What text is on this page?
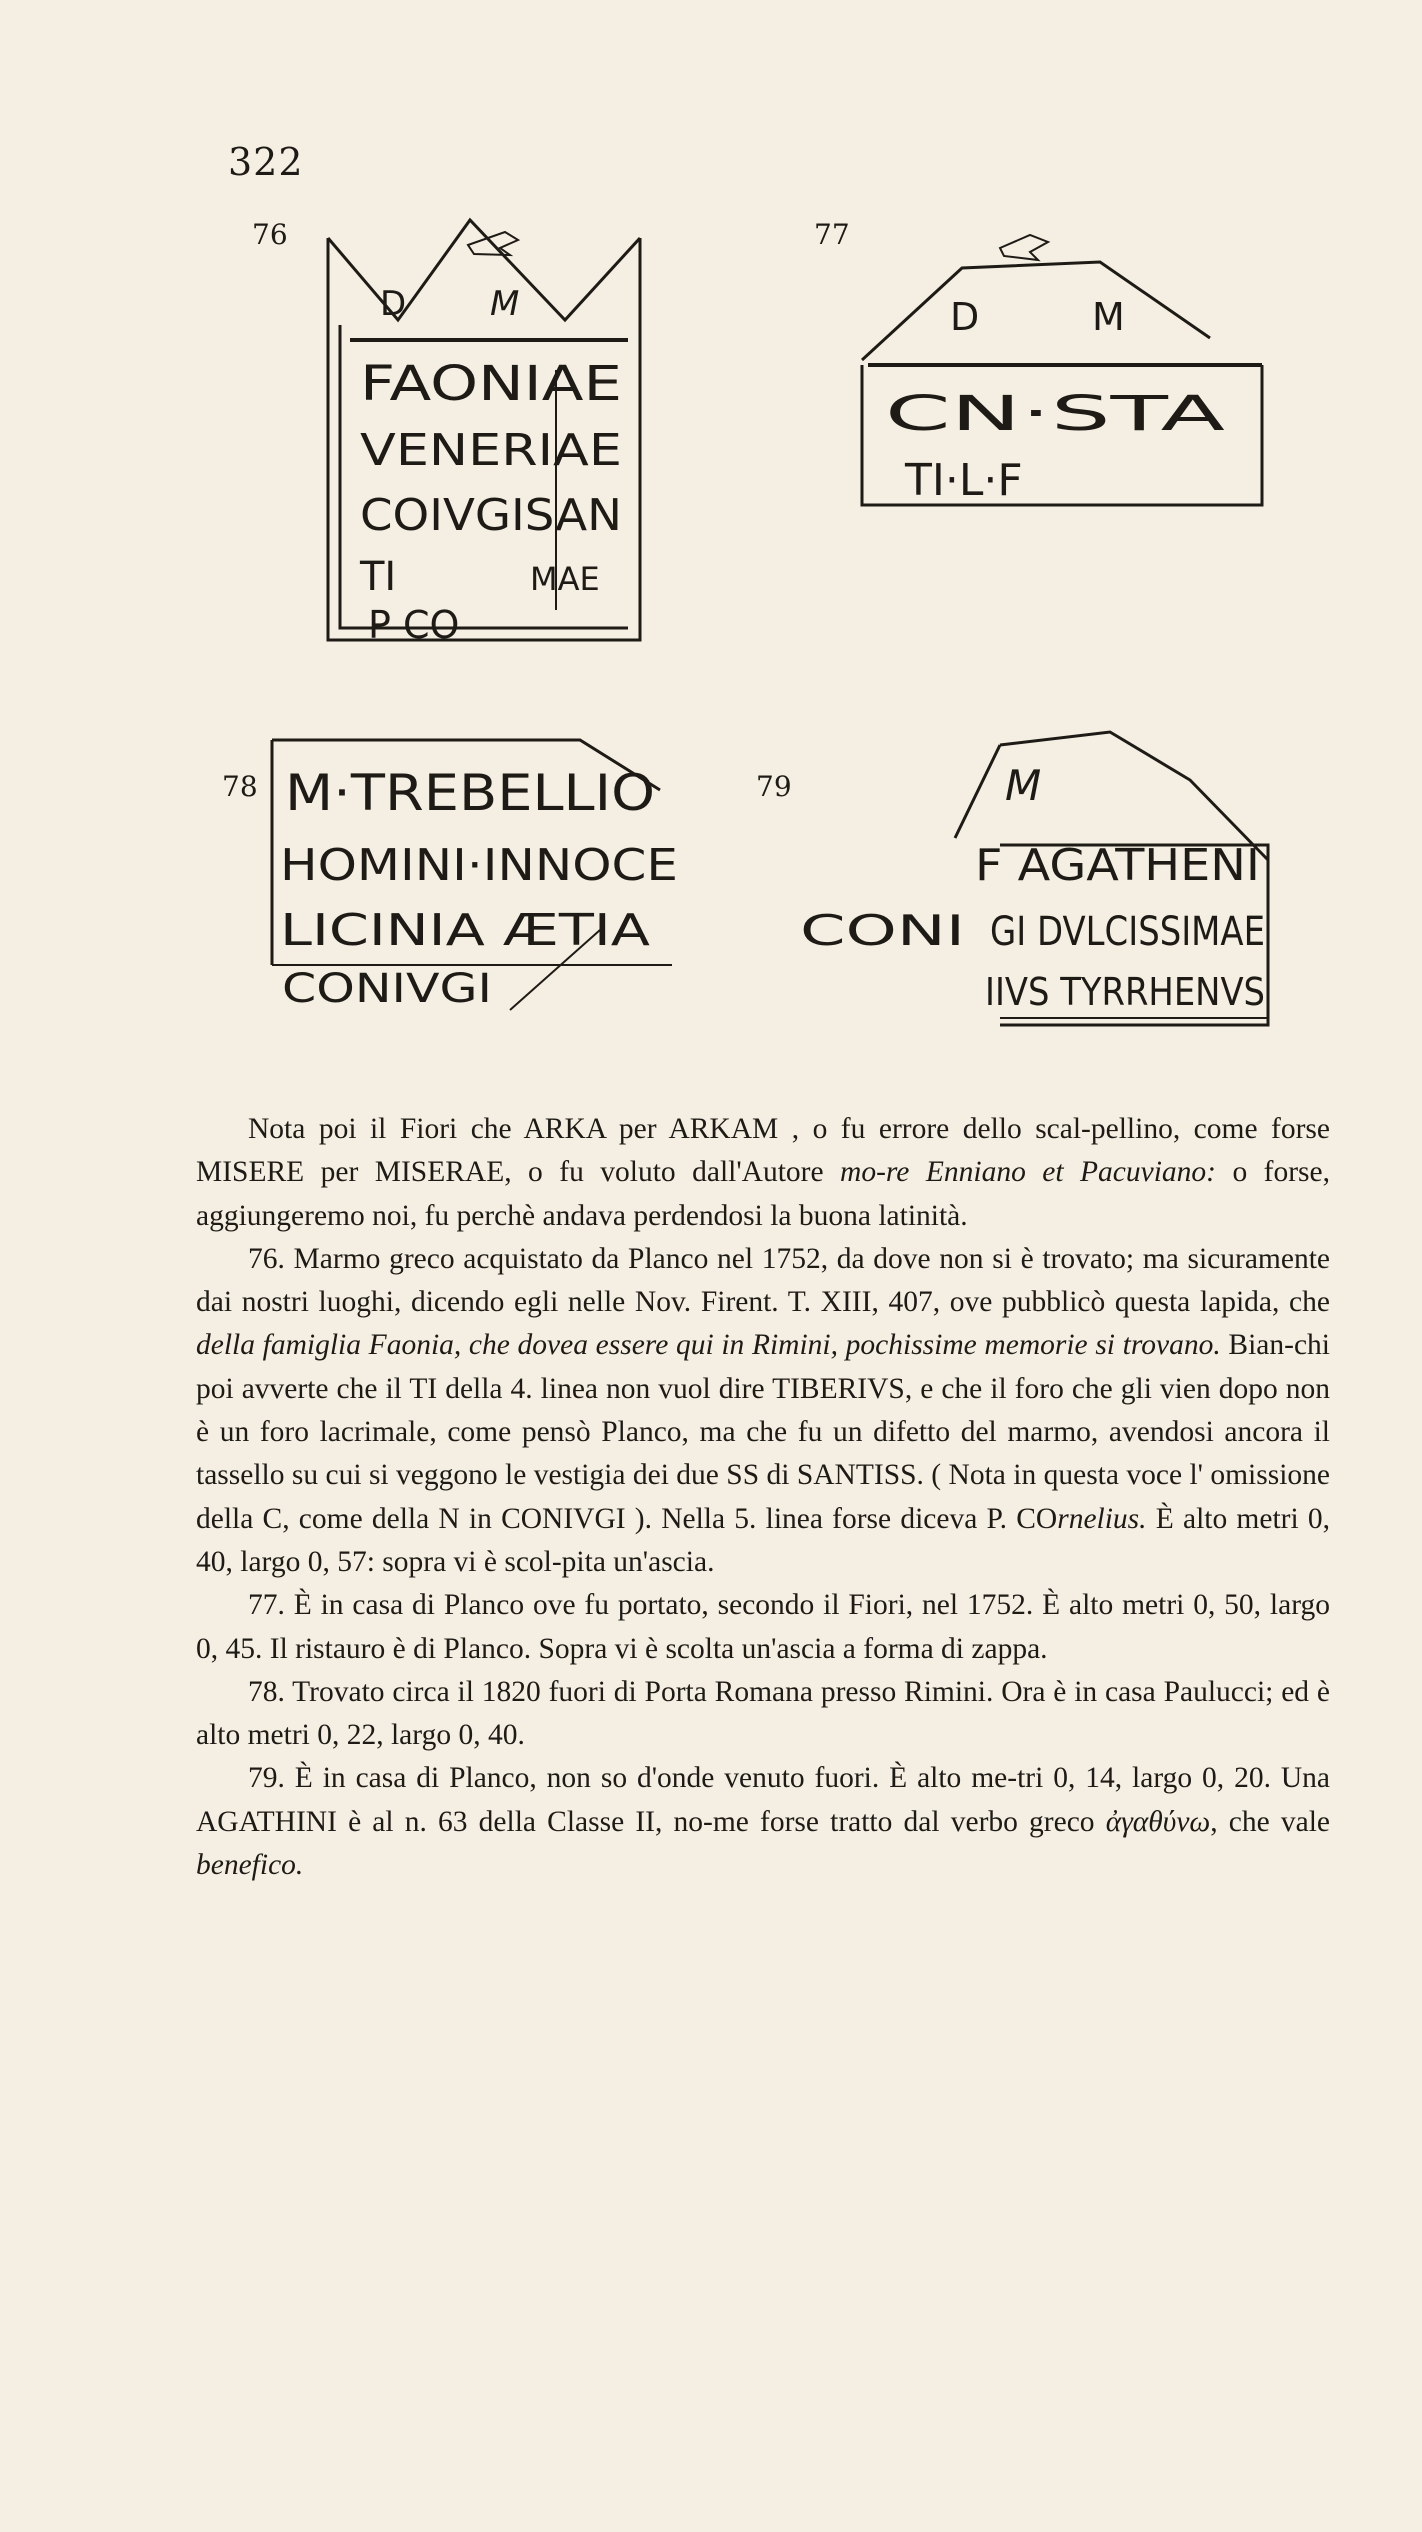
322
76
D M
FAONIAE
VENERIAE
COIVGISAN
TI	MAE
P CO
77
D	M
CN·STA
TI·L·F
78 M·TREBELLIO
HOMINI·INNOCE
LICINIA ÆTIA
CONIVGI
79	M
F AGATHENI
CONI GI DVLCISSIMAE
IIVS TYRRHENVS

Nota poi il Fiori che ARKA per ARKAM , o fu errore dello scal-pellino, come forse MISERE per MISERAE, o fu voluto dall'Autore mo-re Enniano et Pacuviano: o forse, aggiungeremo noi, fu perchè andava perdendosi la buona latinità.

76. Marmo greco acquistato da Planco nel 1752, da dove non si è trovato; ma sicuramente dai nostri luoghi, dicendo egli nelle Nov. Firent. T. XIII, 407, ove pubblicò questa lapida, che della famiglia Faonia, che dovea essere qui in Rimini, pochissime memorie si trovano. Bian-chi poi avverte che il TI della 4. linea non vuol dire TIBERIVS, e che il foro che gli vien dopo non è un foro lacrimale, come pensò Planco, ma che fu un difetto del marmo, avendosi ancora il tassello su cui si veggono le vestigia dei due SS di SANTISS. ( Nota in questa voce l' omissione della C, come della N in CONIVGI ). Nella 5. linea forse diceva P. COrnelius. È alto metri 0, 40, largo 0, 57: sopra vi è scol-pita un'ascia.

77. È in casa di Planco ove fu portato, secondo il Fiori, nel 1752. È alto metri 0, 50, largo 0, 45. Il ristauro è di Planco. Sopra vi è scolta un'ascia a forma di zappa.

78. Trovato circa il 1820 fuori di Porta Romana presso Rimini. Ora è in casa Paulucci; ed è alto metri 0, 22, largo 0, 40.

79. È in casa di Planco, non so d'onde venuto fuori. È alto me-tri 0, 14, largo 0, 20. Una AGATHINI è al n. 63 della Classe II, no-me forse tratto dal verbo greco ἀγαθύνω, che vale benefico.
